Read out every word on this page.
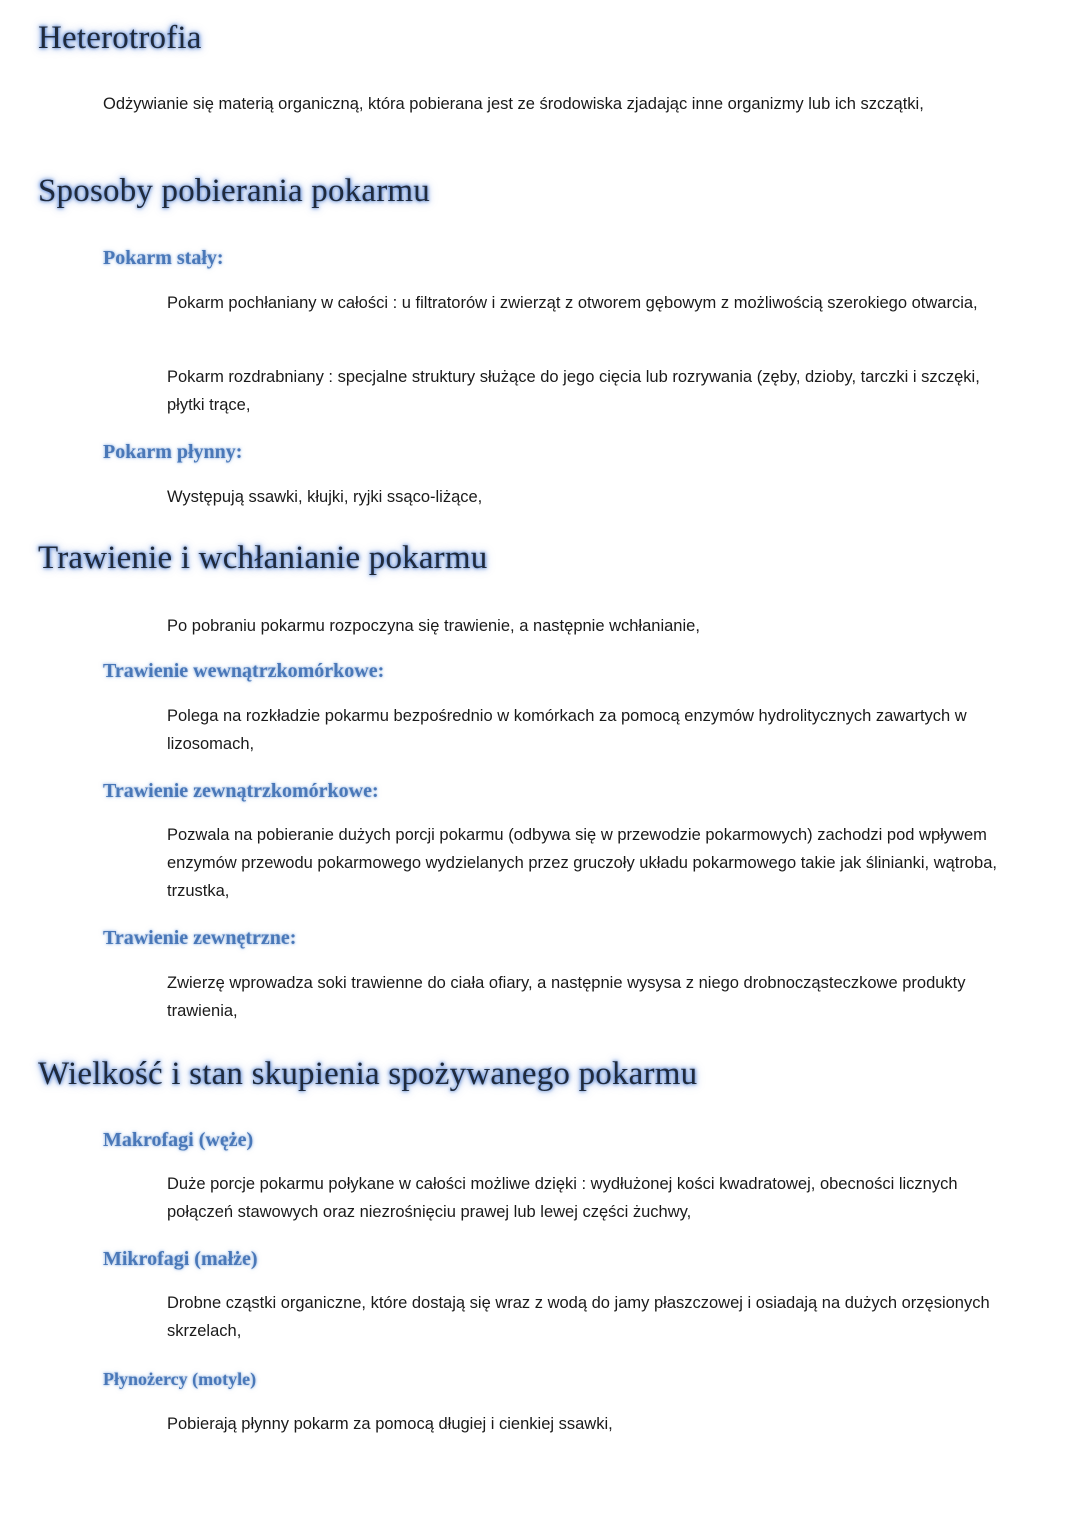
Heterotrofia

Odżywianie się materią organiczną, która pobierana jest ze środowiska zjadając inne organizmy lub ich szczątki,

Sposoby pobierania pokarmu
Pokarm stały:

Pokarm pochłaniany w całości : u filtratorów i zwierząt z otworem gębowym z możliwością szerokiego otwarcia,

Pokarm rozdrabniany : specjalne struktury służące do jego cięcia lub rozrywania (zęby, dzioby, tarczki i szczęki, płytki trące,

Pokarm płynny:

Występują ssawki, kłujki, ryjki ssąco-liżące,

Trawienie i wchłanianie pokarmu

Po pobraniu pokarmu rozpoczyna się trawienie, a następnie wchłanianie,

Trawienie wewnątrzkomórkowe:

Polega na rozkładzie pokarmu bezpośrednio w komórkach za pomocą enzymów hydrolitycznych zawartych w lizosomach,

Trawienie zewnątrzkomórkowe:

Pozwala na pobieranie dużych porcji pokarmu (odbywa się w przewodzie pokarmowych) zachodzi pod wpływem enzymów przewodu pokarmowego wydzielanych przez gruczoły układu pokarmowego takie jak ślinianki, wątroba, trzustka,

Trawienie zewnętrzne:

Zwierzę wprowadza soki trawienne do ciała ofiary, a następnie wysysa z niego drobnocząsteczkowe produkty trawienia,

Wielkość i stan skupienia spożywanego pokarmu
Makrofagi (węże)

Duże porcje pokarmu połykane w całości możliwe dzięki : wydłużonej kości kwadratowej, obecności licznych połączeń stawowych oraz niezrośnięciu prawej lub lewej części żuchwy,

Mikrofagi (małże)

Drobne cząstki organiczne, które dostają się wraz z wodą do jamy płaszczowej i osiadają na dużych orzęsionych skrzelach,

Płynożercy (motyle)

Pobierają płynny pokarm za pomocą długiej i cienkiej ssawki,
